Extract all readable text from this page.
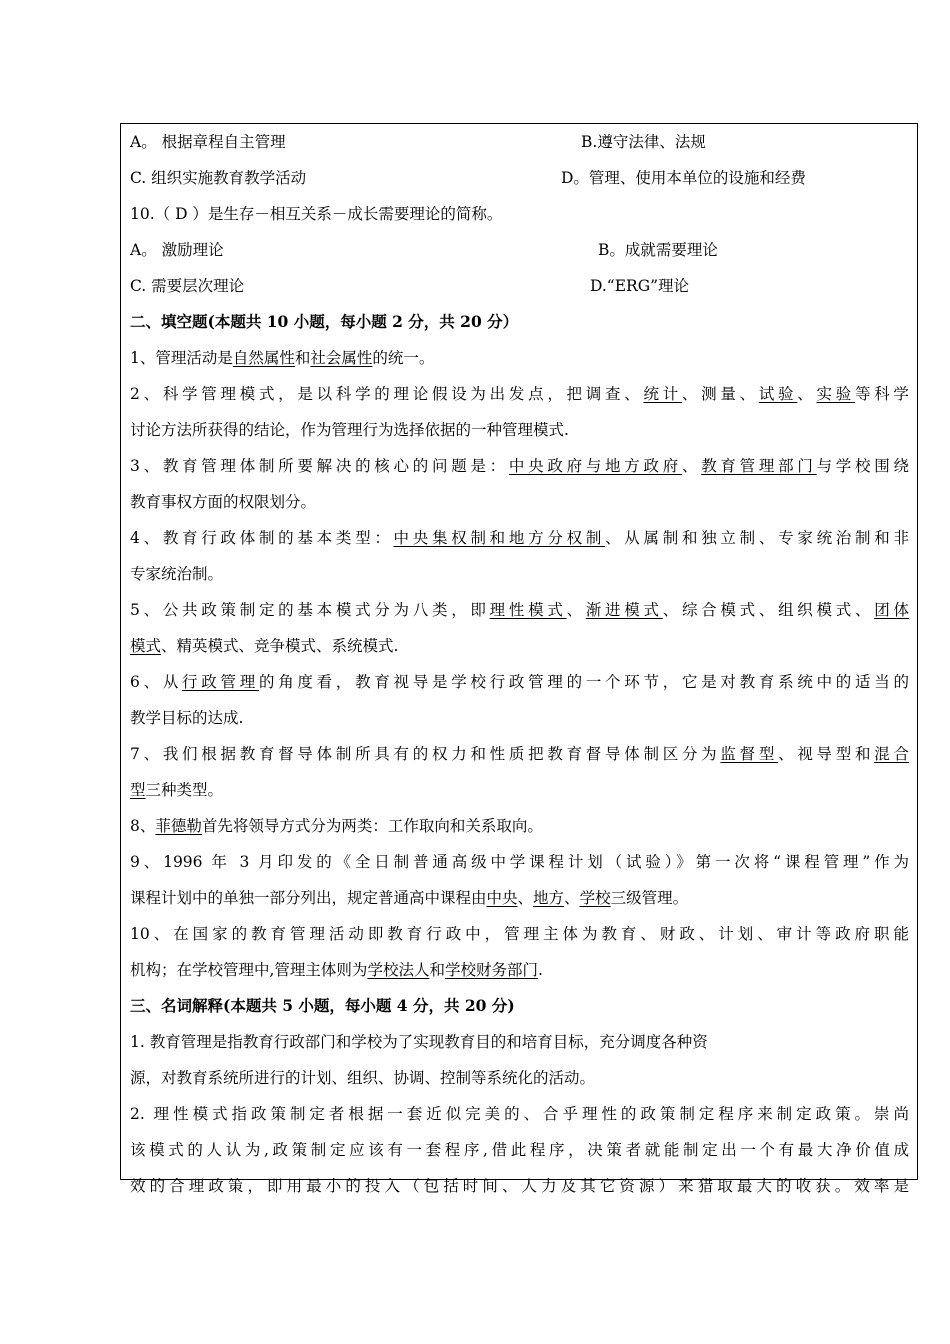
A。 根据章程自主管理	B.遵守法律、法规
C. 组织实施教育教学活动	D。管理、使用本单位的设施和经费
10.（ D ）是生存－相互关系－成长需要理论的简称。
A。 激励理论	B。成就需要理论
C. 需要层次理论	D.“ERG”理论
二、填空题(本题共 10 小题，每小题 2 分，共 20 分）
1、管理活动是自然属性和社会属性的统一。
2、科学管理模式，是以科学的理论假设为出发点，把调查、统计、测量、试验、实验等科学
讨论方法所获得的结论，作为管理行为选择依据的一种管理模式.
3、教育管理体制所要解决的核心的问题是：中央政府与地方政府、教育管理部门与学校围绕
教育事权方面的权限划分。
4、教育行政体制的基本类型：中央集权制和地方分权制、从属制和独立制、专家统治制和非
专家统治制。
5、公共政策制定的基本模式分为八类，即理性模式、渐进模式、综合模式、组织模式、团体
模式、精英模式、竞争模式、系统模式.
6、从行政管理的角度看，教育视导是学校行政管理的一个环节，它是对教育系统中的适当的
教学目标的达成.
7、我们根据教育督导体制所具有的权力和性质把教育督导体制区分为监督型、视导型和混合
型三种类型。
8、菲德勒首先将领导方式分为两类：工作取向和关系取向。
9、1996 年 3 月印发的《全日制普通高级中学课程计划（试验）》第一次将“课程管理”作为
课程计划中的单独一部分列出，规定普通高中课程由中央、地方、学校三级管理。
10、在国家的教育管理活动即教育行政中，管理主体为教育、财政、计划、审计等政府职能
机构；在学校管理中,管理主体则为学校法人和学校财务部门.
三、名词解释(本题共 5 小题，每小题 4 分，共 20 分)
1. 教育管理是指教育行政部门和学校为了实现教育目的和培育目标，充分调度各种资
源，对教育系统所进行的计划、组织、协调、控制等系统化的活动。
2. 理性模式指政策制定者根据一套近似完美的、合乎理性的政策制定程序来制定政策。崇尚
该模式的人认为,政策制定应该有一套程序,借此程序，决策者就能制定出一个有最大净价值成
效的合理政策，即用最小的投入（包括时间、人力及其它资源）来猎取最大的收获。效率是
